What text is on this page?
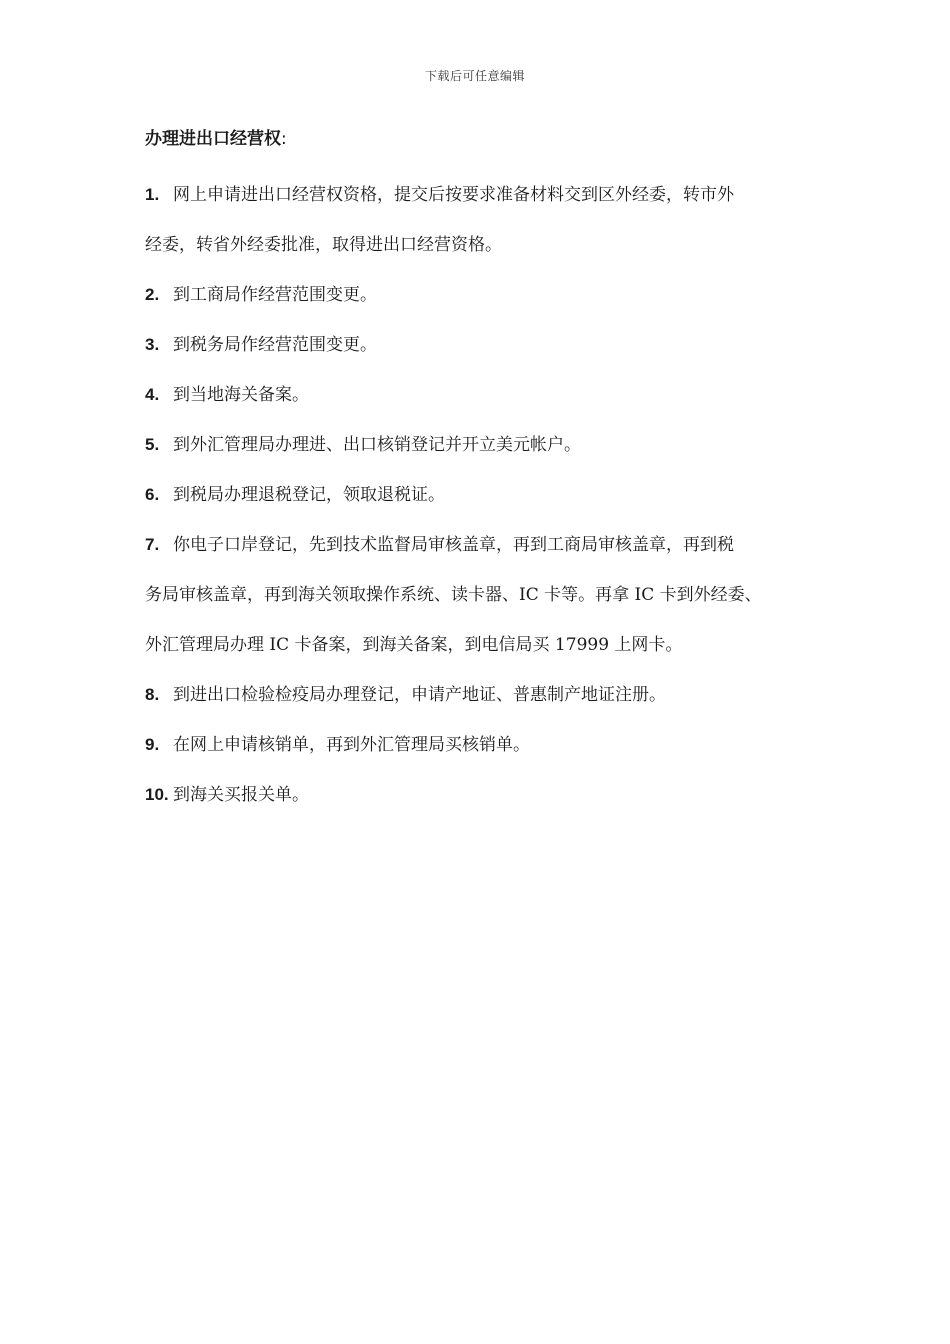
下载后可任意编辑
办理进出口经营权:

1. 网上申请进出口经营权资格，提交后按要求准备材料交到区外经委，转市外

经委，转省外经委批准，取得进出口经营资格。

2. 到工商局作经营范围变更。

3. 到税务局作经营范围变更。

4. 到当地海关备案。

5. 到外汇管理局办理进、出口核销登记并开立美元帐户。

6. 到税局办理退税登记，领取退税证。

7. 你电子口岸登记，先到技术监督局审核盖章，再到工商局审核盖章，再到税

务局审核盖章，再到海关领取操作系统、读卡器、IC 卡等。再拿 IC 卡到外经委、

外汇管理局办理 IC 卡备案，到海关备案，到电信局买 17999 上网卡。

8. 到进出口检验检疫局办理登记，申请产地证、普惠制产地证注册。

9. 在网上申请核销单，再到外汇管理局买核销单。

10. 到海关买报关单。
